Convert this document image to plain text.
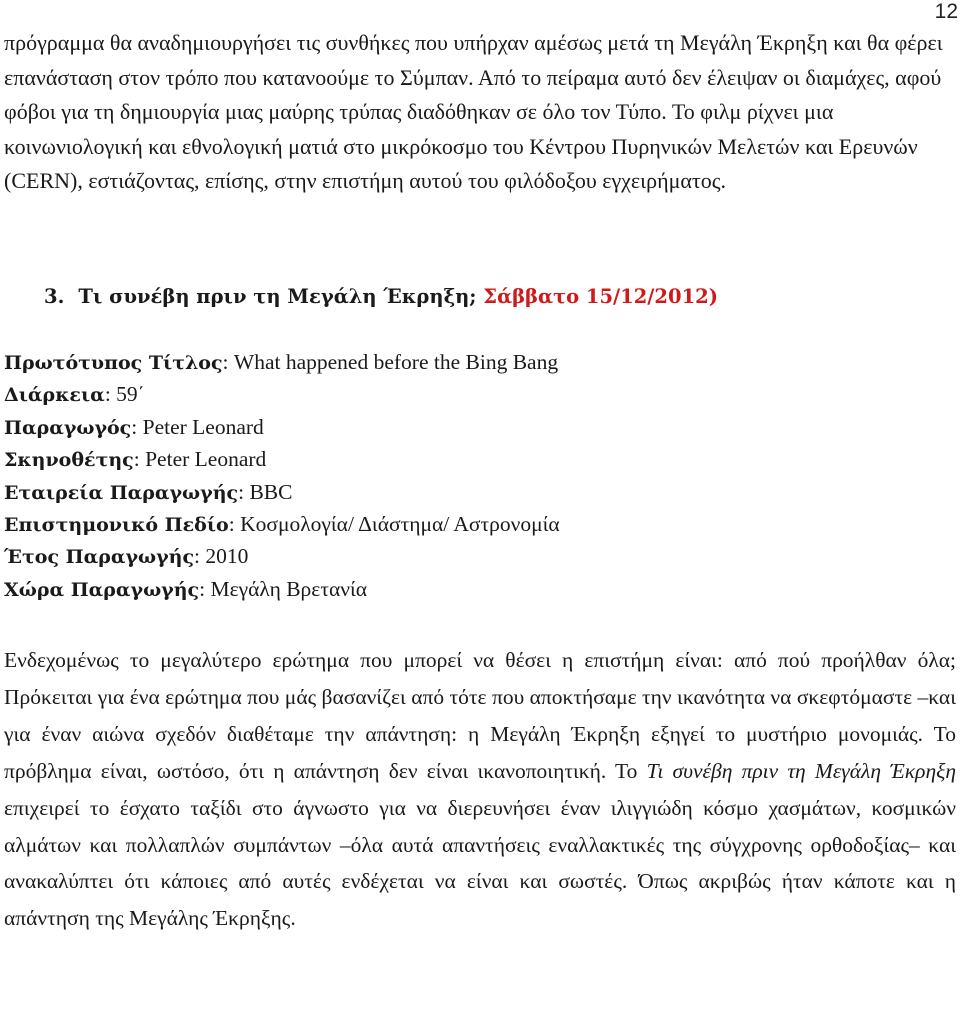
12

πρόγραμμα θα αναδημιουργήσει τις συνθήκες που υπήρχαν αμέσως μετά τη Μεγάλη Έκρηξη και θα φέρει επανάσταση στον τρόπο που κατανοούμε το Σύμπαν. Από το πείραμα αυτό δεν έλειψαν οι διαμάχες, αφού φόβοι για τη δημιουργία μιας μαύρης τρύπας διαδόθηκαν σε όλο τον Τύπο. Το φιλμ ρίχνει μια κοινωνιολογική και εθνολογική ματιά στο μικρόκοσμο του Κέντρου Πυρηνικών Μελετών και Ερευνών (CERN), εστιάζοντας, επίσης, στην επιστήμη αυτού του φιλόδοξου εγχειρήματος.

3. Τι συνέβη πριν τη Μεγάλη Έκρηξη; Σάββατο 15/12/2012)
Πρωτότυπος Τίτλος: What happened before the Bing Bang
Διάρκεια: 59΄
Παραγωγός: Peter Leonard
Σκηνοθέτης: Peter Leonard
Εταιρεία Παραγωγής: BBC
Επιστημονικό Πεδίο: Κοσμολογία/ Διάστημα/ Αστρονομία
Έτος Παραγωγής: 2010
Χώρα Παραγωγής: Μεγάλη Βρετανία

Ενδεχομένως το μεγαλύτερο ερώτημα που μπορεί να θέσει η επιστήμη είναι: από πού προήλθαν όλα; Πρόκειται για ένα ερώτημα που μάς βασανίζει από τότε που αποκτήσαμε την ικανότητα να σκεφτόμαστε –και για έναν αιώνα σχεδόν διαθέταμε την απάντηση: η Μεγάλη Έκρηξη εξηγεί το μυστήριο μονομιάς. Το πρόβλημα είναι, ωστόσο, ότι η απάντηση δεν είναι ικανοποιητική. Το Τι συνέβη πριν τη Μεγάλη Έκρηξη επιχειρεί το έσχατο ταξίδι στο άγνωστο για να διερευνήσει έναν ιλιγγιώδη κόσμο χασμάτων, κοσμικών αλμάτων και πολλαπλών συμπάντων –όλα αυτά απαντήσεις εναλλακτικές της σύγχρονης ορθοδοξίας– και ανακαλύπτει ότι κάποιες από αυτές ενδέχεται να είναι και σωστές. Όπως ακριβώς ήταν κάποτε και η απάντηση της Μεγάλης Έκρηξης.
